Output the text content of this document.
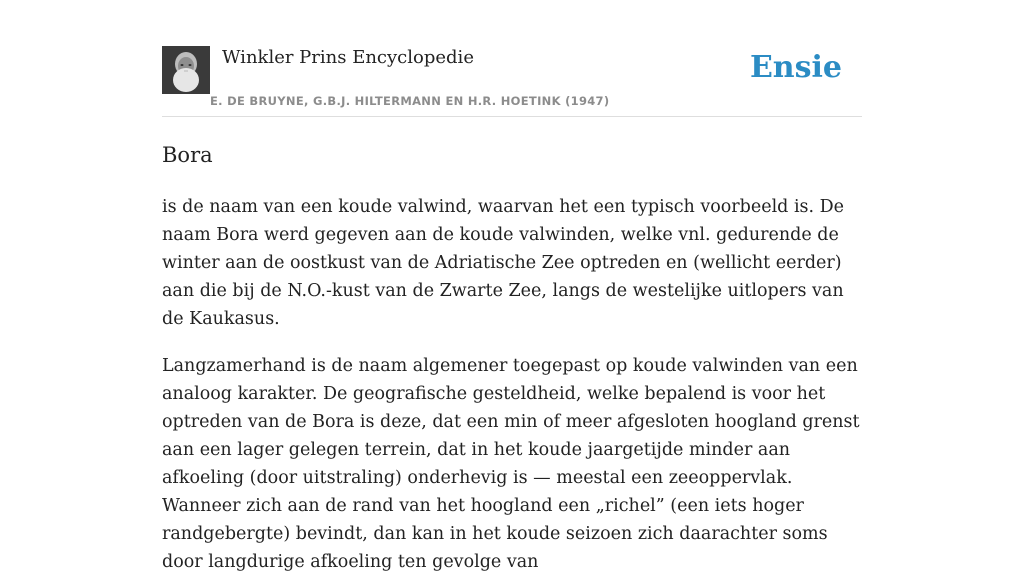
Winkler Prins Encyclopedie
E. DE BRUYNE, G.B.J. HILTERMANN EN H.R. HOETINK (1947)
Ensie
Bora

is de naam van een koude valwind, waarvan het een typisch voorbeeld is. De naam Bora werd gegeven aan de koude valwinden, welke vnl. gedurende de winter aan de oostkust van de Adriatische Zee optreden en (wellicht eerder) aan die bij de N.O.-kust van de Zwarte Zee, langs de westelijke uitlopers van de Kaukasus.

Langzamerhand is de naam algemener toegepast op koude valwinden van een analoog karakter. De geografische gesteldheid, welke bepalend is voor het optreden van de Bora is deze, dat een min of meer afgesloten hoogland grenst aan een lager gelegen terrein, dat in het koude jaargetijde minder aan afkoeling (door uitstraling) onderhevig is — meestal een zeeoppervlak. Wanneer zich aan de rand van het hoogland een „richel” (een iets hoger randgebergte) bevindt, dan kan in het koude seizoen zich daarachter soms door langdurige afkoeling ten gevolge van
